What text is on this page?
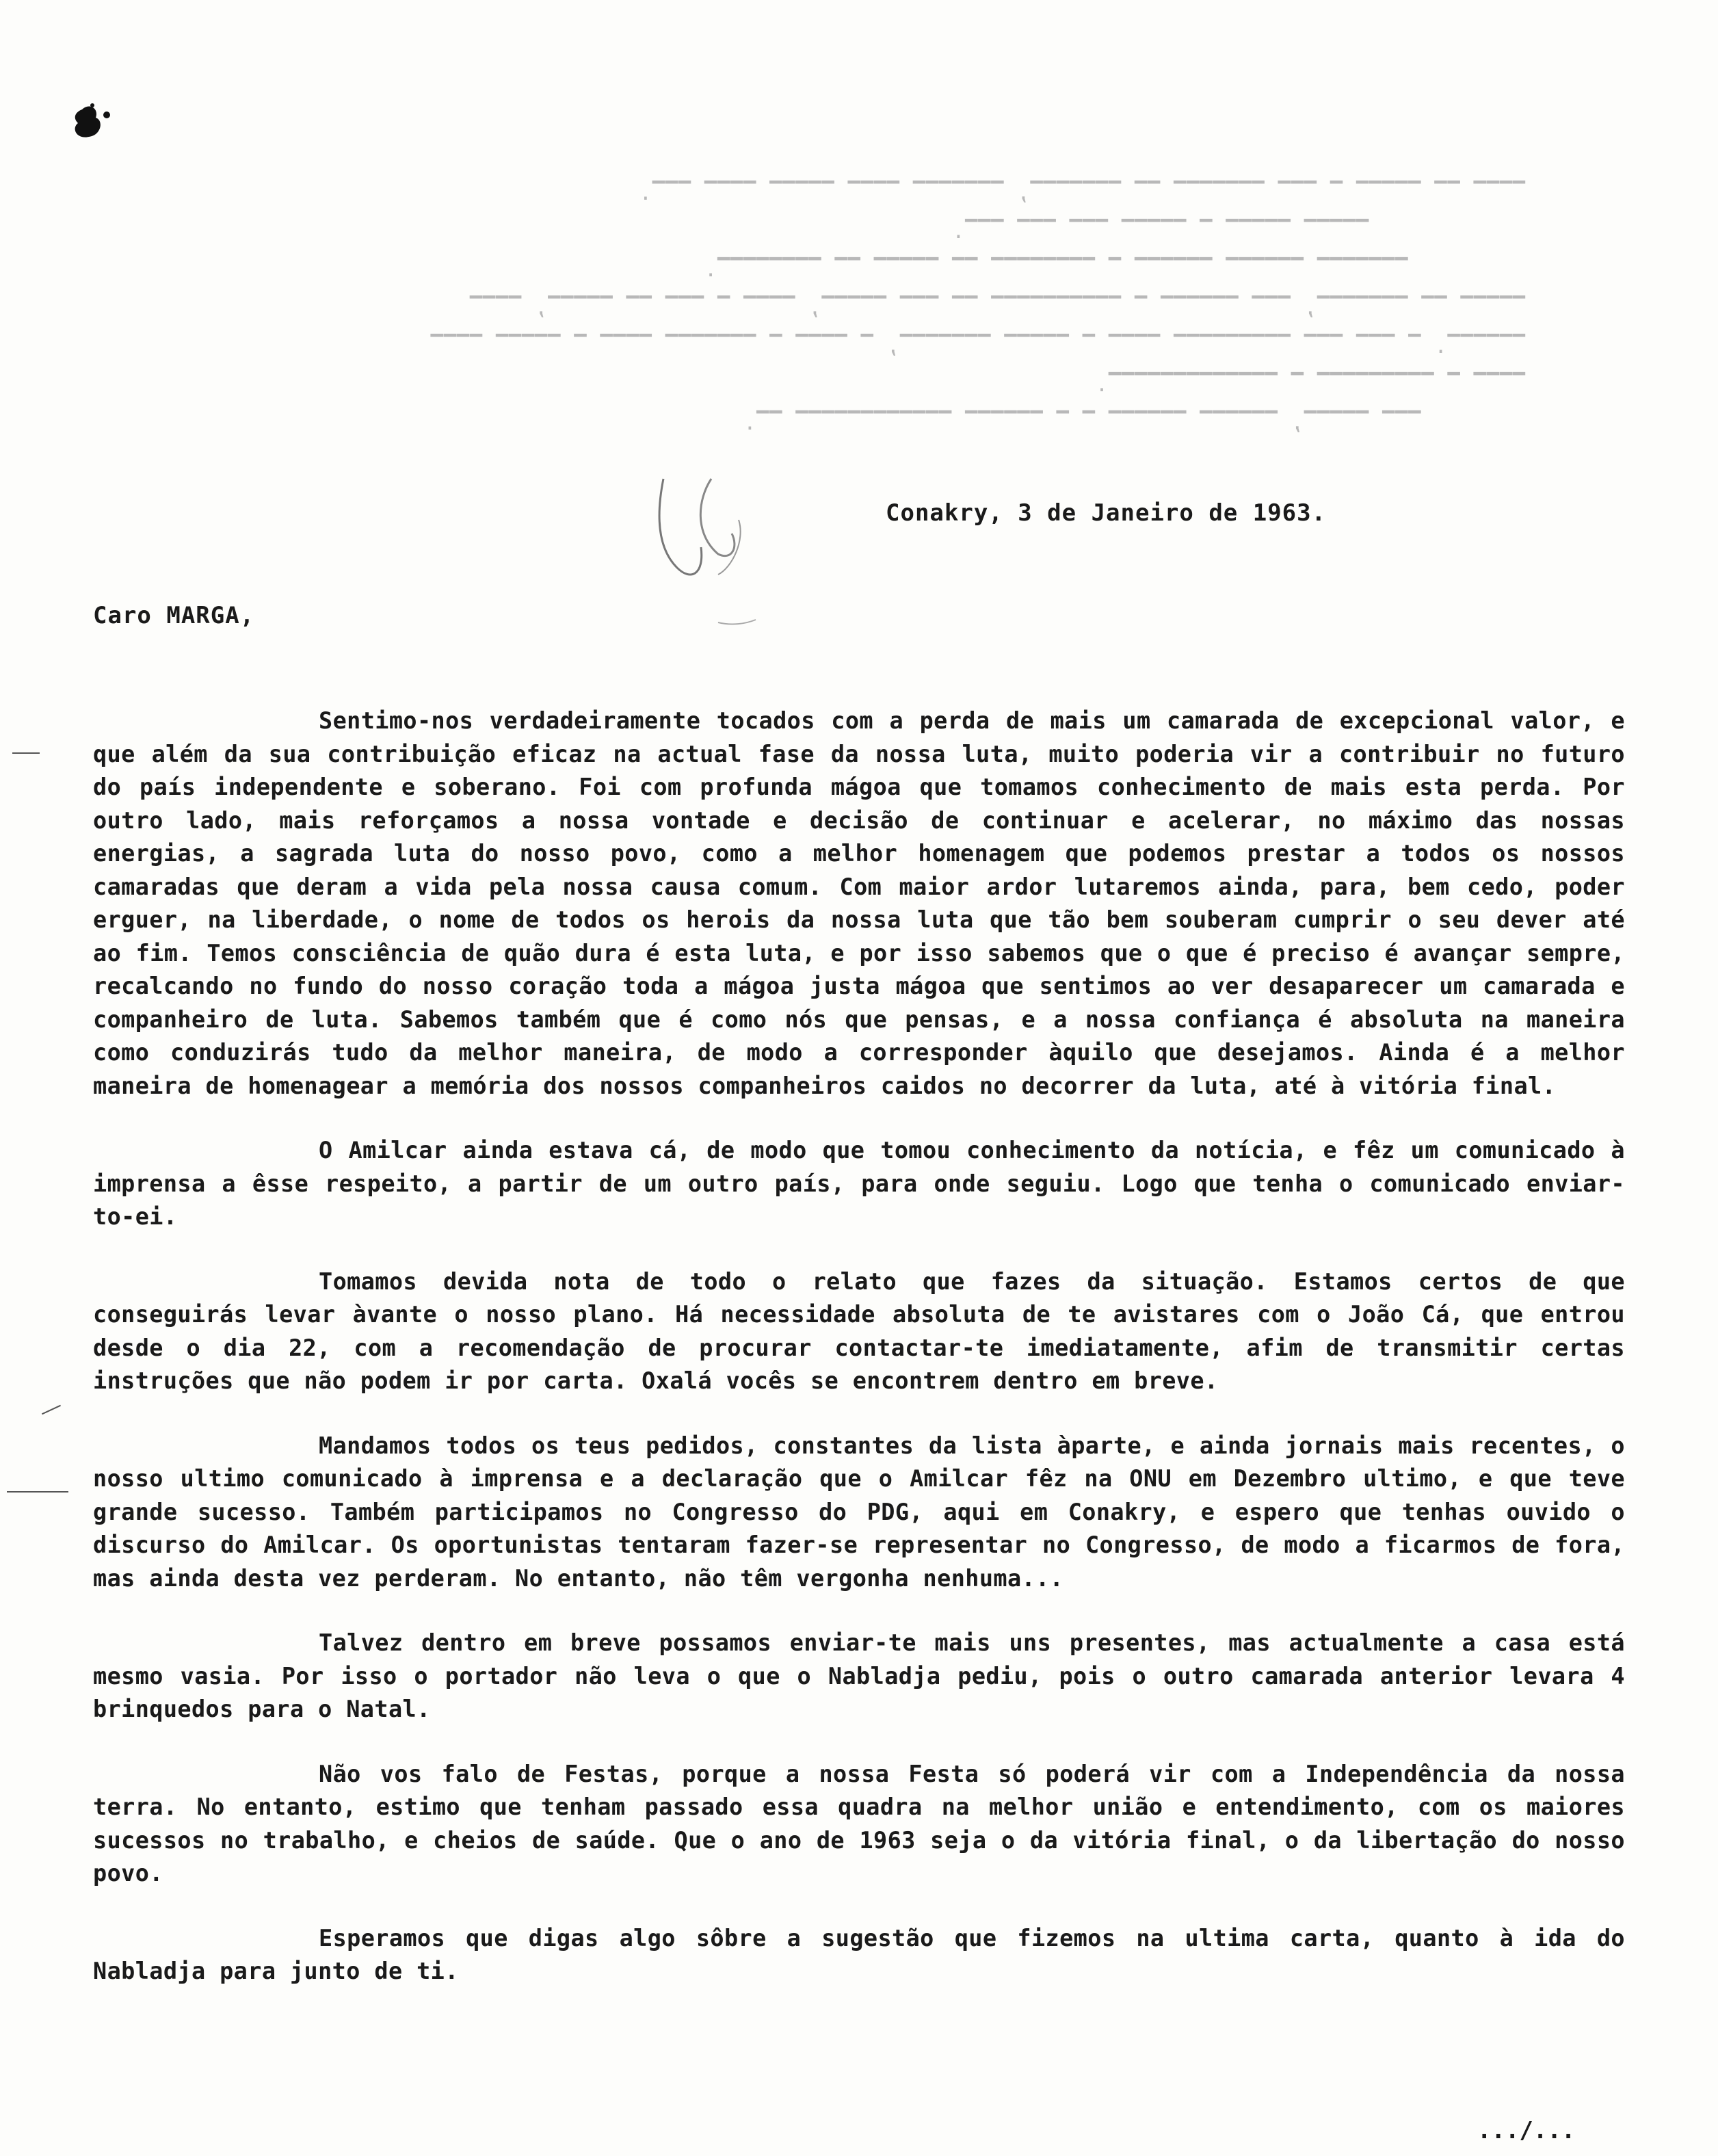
▔▔▔▔ ▔▔ ▔▔▔▔▔ ▔ ▔▔▔ ▔▔▔▔▔▔▔ ▔▔ ▔▔▔▔▔▔▔, ▔▔▔▔▔▔▔ ▔▔▔▔ ▔▔▔▔▔ ▔▔▔▔ ▔▔▔.
▔▔▔▔▔ ▔▔▔▔▔ ▔ ▔▔▔▔▔ ▔▔▔ ▔▔▔ ▔▔▔.
▔▔▔▔▔▔▔ ▔▔▔▔▔▔ ▔▔▔▔▔▔ ▔ ▔▔▔▔▔▔▔▔ ▔▔ ▔▔▔▔▔ ▔▔ ▔▔▔▔▔▔▔▔.
▔▔▔▔▔ ▔▔ ▔▔▔▔▔▔▔, ▔▔▔ ▔▔▔▔▔▔ ▔ ▔▔▔▔▔▔▔▔▔▔ ▔▔ ▔▔▔ ▔▔▔▔▔, ▔▔▔▔ ▔ ▔▔▔ ▔▔ ▔▔▔▔▔, ▔▔▔▔
▔▔▔▔▔▔. ▔ ▔▔▔ ▔▔▔ ▔▔▔▔▔▔▔▔▔ ▔▔▔▔ ▔ ▔▔▔▔▔ ▔▔▔▔▔▔▔, ▔ ▔▔▔▔ ▔ ▔▔▔▔▔▔▔ ▔▔▔▔ ▔ ▔▔▔▔▔ ▔▔▔▔
▔▔▔▔ ▔ ▔▔▔▔▔▔▔▔▔ ▔ ▔▔▔▔▔▔▔▔▔▔▔▔▔.
▔▔▔ ▔▔▔▔▔, ▔▔▔▔▔▔ ▔▔▔▔▔▔ ▔ ▔ ▔▔▔▔▔▔ ▔▔▔▔▔▔▔▔▔▔▔▔ ▔▔.
Conakry, 3 de Janeiro de 1963.
Caro MARGA,

Sentimo-nos verdadeiramente tocados com a perda de mais um camarada de excepcional valor, e que além da sua contribuição eficaz na actual fase da nossa luta, muito poderia vir a contribuir no futuro do país independente e soberano. Foi com profunda mágoa que tomamos conhecimento de mais esta perda. Por outro lado, mais reforçamos a nossa vontade e decisão de continuar e acelerar, no máximo das nossas energias, a sagrada luta do nosso povo, como a melhor homenagem que podemos prestar a todos os nossos camaradas que deram a vida pela nossa causa comum. Com maior ardor lutaremos ainda, para, bem cedo, poder erguer, na liberdade, o nome de todos os herois da nossa luta que tão bem souberam cumprir o seu dever até ao fim. Temos consciência de quão dura é esta luta, e por isso sabemos que o que é preciso é avançar sempre, recalcando no fundo do nosso coração toda a mágoa justa mágoa que sentimos ao ver desaparecer um camarada e companheiro de luta. Sabemos também que é como nós que pensas, e a nossa confiança é absoluta na maneira como conduzirás tudo da melhor maneira, de modo a corresponder àquilo que desejamos. Ainda é a melhor maneira de homenagear a memória dos nossos companheiros caidos no decorrer da luta, até à vitória final.

O Amilcar ainda estava cá, de modo que tomou conhecimento da notícia, e fêz um comunicado à imprensa a êsse respeito, a partir de um outro país, para onde seguiu. Logo que tenha o comunicado enviar-to-ei.

Tomamos devida nota de todo o relato que fazes da situação. Estamos certos de que conseguirás levar àvante o nosso plano. Há necessidade absoluta de te avistares com o João Cá, que entrou desde o dia 22, com a recomendação de procurar contactar-te imediatamente, afim de transmitir certas instruções que não podem ir por carta. Oxalá vocês se encontrem dentro em breve.

Mandamos todos os teus pedidos, constantes da lista àparte, e ainda jornais mais recentes, o nosso ultimo comunicado à imprensa e a declaração que o Amilcar fêz na ONU em Dezembro ultimo, e que teve grande sucesso. Também participamos no Congresso do PDG, aqui em Conakry, e espero que tenhas ouvido o discurso do Amilcar. Os oportunistas tentaram fazer-se representar no Congresso, de modo a ficarmos de fora, mas ainda desta vez perderam. No entanto, não têm vergonha nenhuma...

Talvez dentro em breve possamos enviar-te mais uns presentes, mas actualmente a casa está mesmo vasia. Por isso o portador não leva o que o Nabladja pediu, pois o outro camarada anterior levara 4 brinquedos para o Natal.

Não vos falo de Festas, porque a nossa Festa só poderá vir com a Independência da nossa terra. No entanto, estimo que tenham passado essa quadra na melhor união e entendimento, com os maiores sucessos no trabalho, e cheios de saúde. Que o ano de 1963 seja o da vitória final, o da libertação do nosso povo.

Esperamos que digas algo sôbre a sugestão que fizemos na ultima carta, quanto à ida do Nabladja para junto de ti.

.../...
